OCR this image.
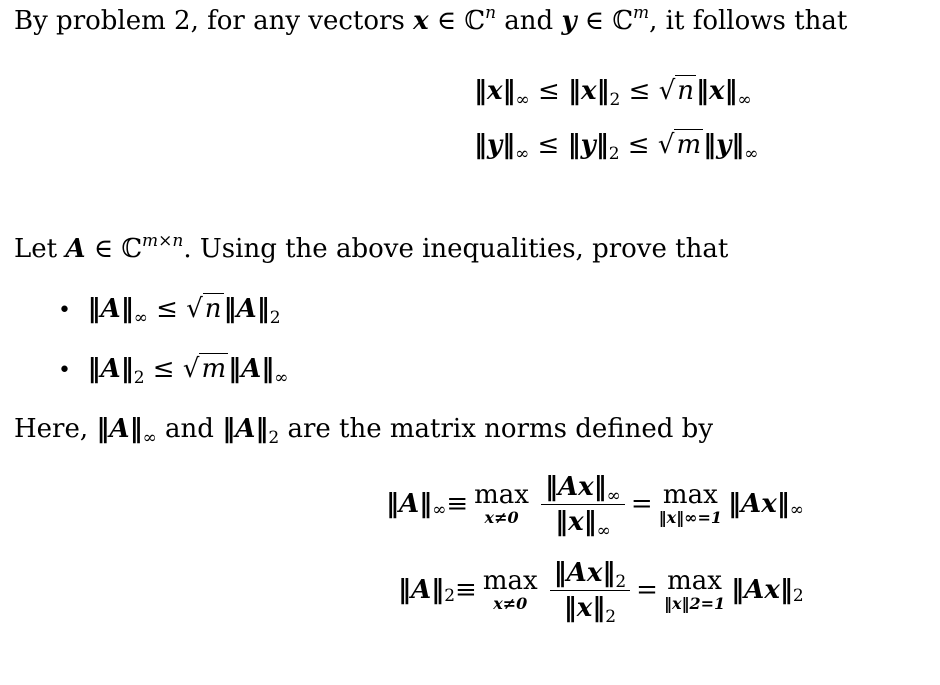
By problem 2, for any vectors x ∈ ℂ$^n$ and y ∈ ℂ$^m$, it follows that
$‖x‖_\infty$ ≤ $‖x‖_2$ ≤ $√n‖x‖_\infty$
$‖y‖_\infty$ ≤ $‖y‖_2$ ≤ $√m‖y‖_\infty$
Let A ∈ ℂ$^{m\times n}$. Using the above inequalities, prove that
• $‖A‖_\infty$ ≤ $√n‖A‖_2$
• $‖A‖_2$ ≤ $√m‖A‖_\infty$
Here, $‖A‖_\infty$ and $‖A‖_2$ are the matrix norms defined by
‖A‖ ∞ ≡ max
$x\ne 0 \frac{‖Ax‖_\infty}{‖x‖_\infty} = \max$
‖x‖∞=1 ‖Ax‖ ∞
‖A‖ 2 ≡ max
$x\ne 0 \frac{‖Ax‖_2}{‖x‖_2} = \max$
‖x‖2=1 ‖Ax‖ 2
